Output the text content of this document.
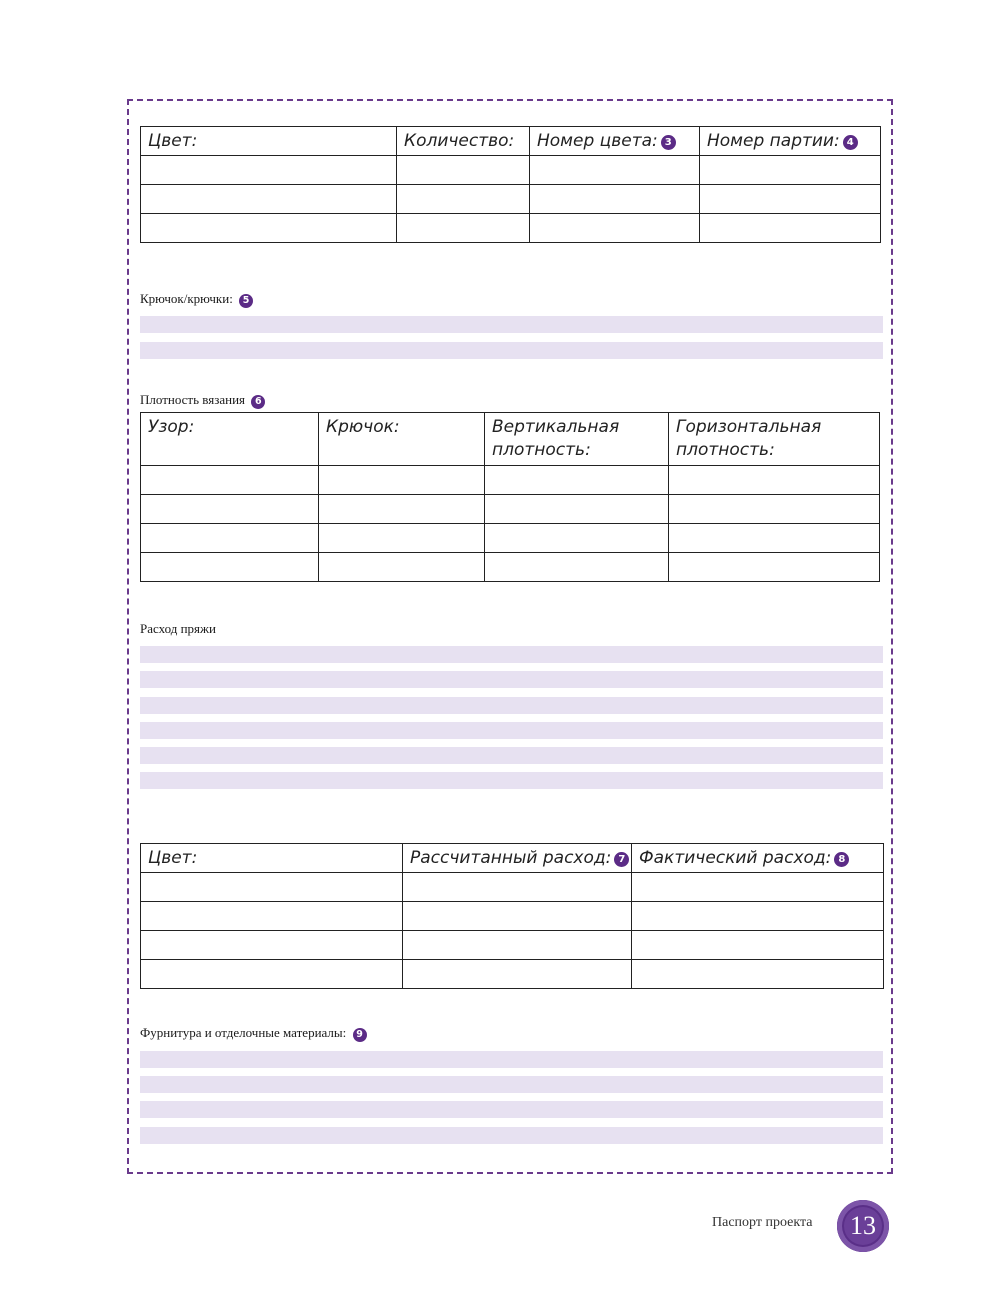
Цвет:	Количество:	Номер цвета: 3	Номер партии: 4

Крючок/крючки: 5
Плотность вязания 6
Узор:	Крючок:	Вертикальная плотность:	Горизонтальная плотность:

Расход пряжи
Цвет:	Рассчитанный расход: 7	Фактический расход: 8

Фурнитура и отделочные материалы: 9
Паспорт проекта	13
